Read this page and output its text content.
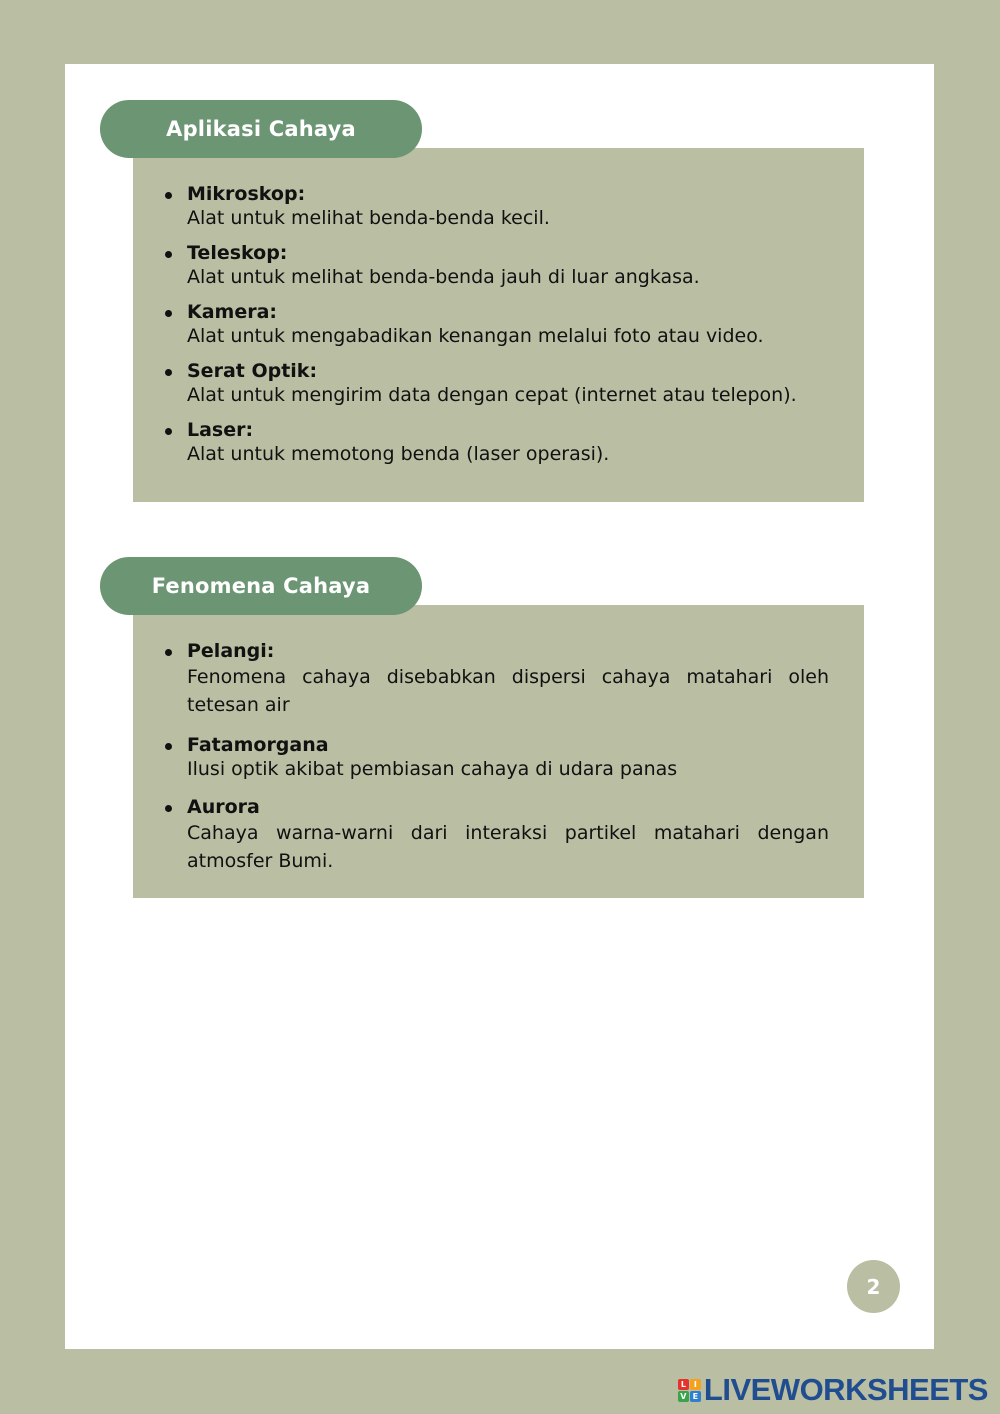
Aplikasi Cahaya
Mikroskop:
Alat untuk melihat benda-benda kecil.
Teleskop:
Alat untuk melihat benda-benda jauh di luar angkasa.
Kamera:
Alat untuk mengabadikan kenangan melalui foto atau video.
Serat Optik:
Alat untuk mengirim data dengan cepat (internet atau telepon).
Laser:
Alat untuk memotong benda (laser operasi).
Fenomena Cahaya
Pelangi:
Fenomena cahaya disebabkan dispersi cahaya matahari oleh tetesan air
Fatamorgana
Ilusi optik akibat pembiasan cahaya di udara panas
Aurora
Cahaya warna-warni dari interaksi partikel matahari dengan atmosfer Bumi.
2
L I
V E LIVEWORKSHEETS
